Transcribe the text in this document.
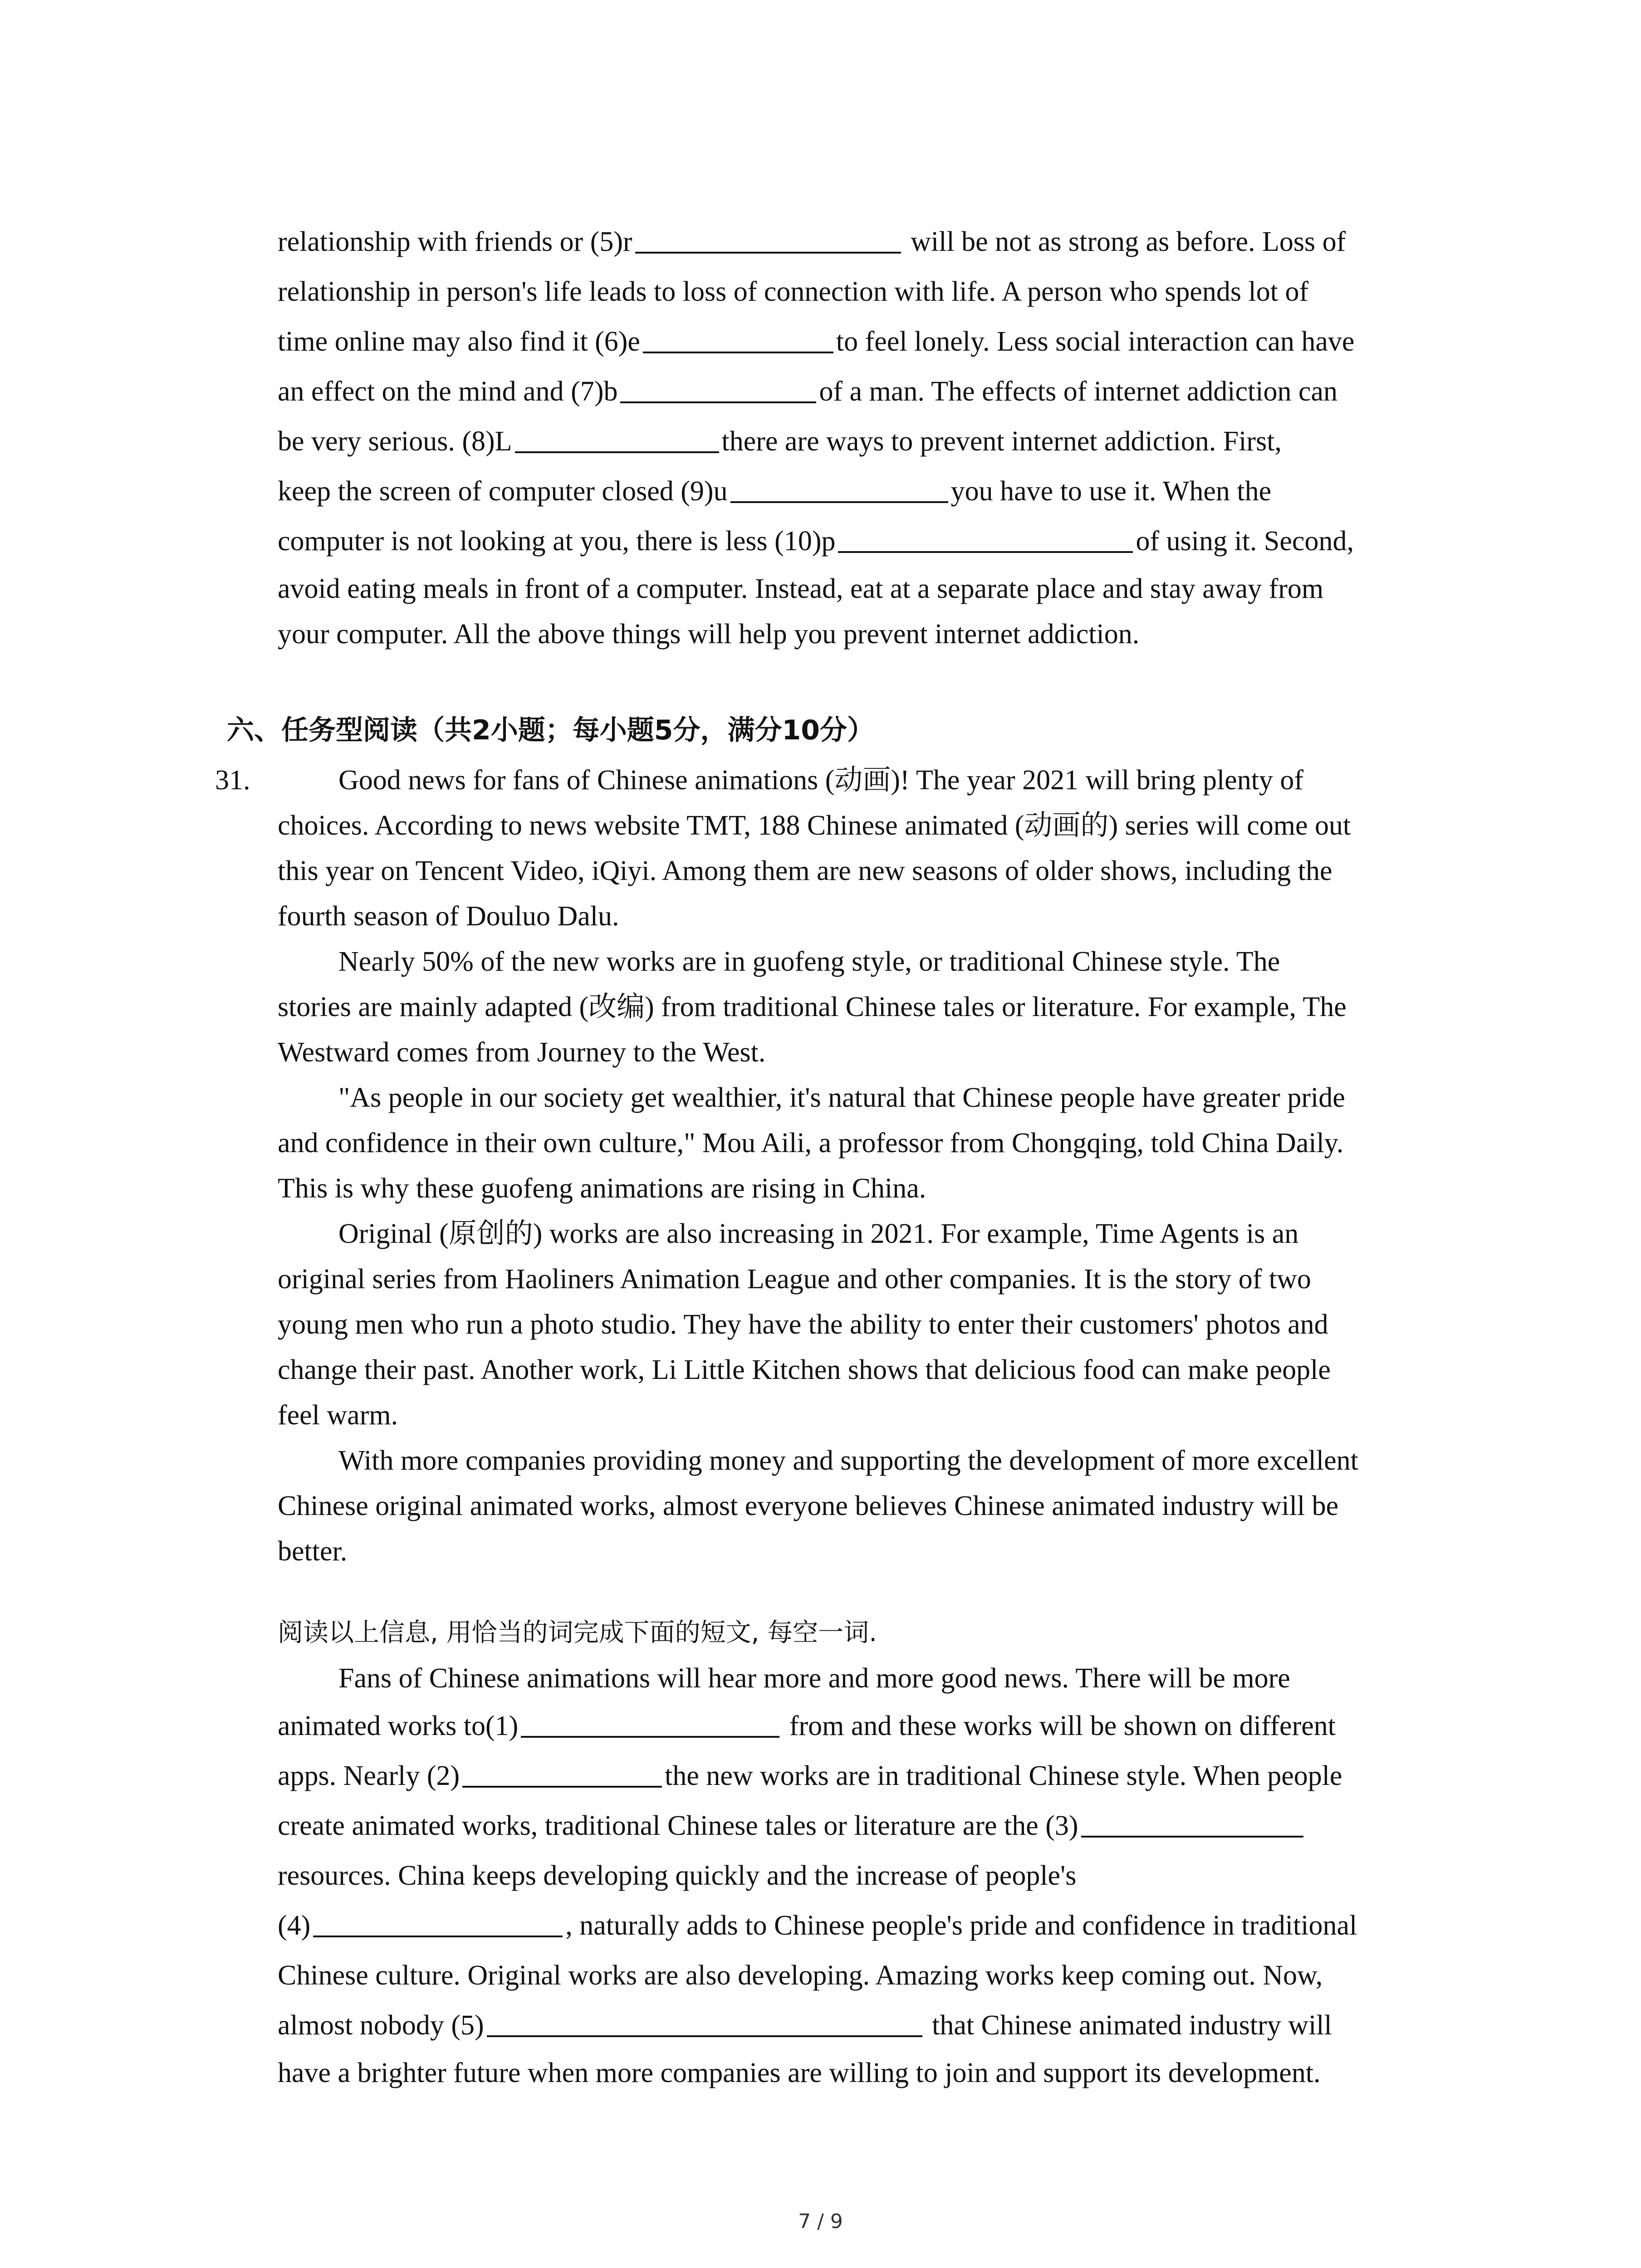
relationship with friends or (5)r	will be not as strong as before. Loss of
relationship in person's life leads to loss of connection with life. A person who spends lot of
time online may also find it (6)e	to feel lonely. Less social interaction can have
an effect on the mind and (7)b	of a man. The effects of internet addiction can
be very serious. (8)L	there are ways to prevent internet addiction. First,
keep the screen of computer closed (9)u	you have to use it. When the
computer is not looking at you, there is less (10)p	of using it. Second,
avoid eating meals in front of a computer. Instead, eat at a separate place and stay away from
your computer. All the above things will help you prevent internet addiction.
六、任务型阅读（共2小题；每小题5分，满分10分）
31.	Good news for fans of Chinese animations (动画)! The year 2021 will bring plenty of
choices. According to news website TMT, 188 Chinese animated (动画的) series will come out
this year on Tencent Video, iQiyi. Among them are new seasons of older shows, including the
fourth season of Douluo Dalu.
Nearly 50% of the new works are in guofeng style, or traditional Chinese style. The
stories are mainly adapted (改编) from traditional Chinese tales or literature. For example, The
Westward comes from Journey to the West.
"As people in our society get wealthier, it's natural that Chinese people have greater pride
and confidence in their own culture," Mou Aili, a professor from Chongqing, told China Daily.
This is why these guofeng animations are rising in China.
Original (原创的) works are also increasing in 2021. For example, Time Agents is an
original series from Haoliners Animation League and other companies. It is the story of two
young men who run a photo studio. They have the ability to enter their customers' photos and
change their past. Another work, Li Little Kitchen shows that delicious food can make people
feel warm.
With more companies providing money and supporting the development of more excellent
Chinese original animated works, almost everyone believes Chinese animated industry will be
better.
阅读以上信息, 用恰当的词完成下面的短文, 每空一词.
Fans of Chinese animations will hear more and more good news. There will be more
animated works to(1)	from and these works will be shown on different
apps. Nearly (2)	the new works are in traditional Chinese style. When people
create animated works, traditional Chinese tales or literature are the (3)
resources. China keeps developing quickly and the increase of people's
(4)	, naturally adds to Chinese people's pride and confidence in traditional
Chinese culture. Original works are also developing. Amazing works keep coming out. Now,
almost nobody (5)	that Chinese animated industry will
have a brighter future when more companies are willing to join and support its development.
7 / 9
